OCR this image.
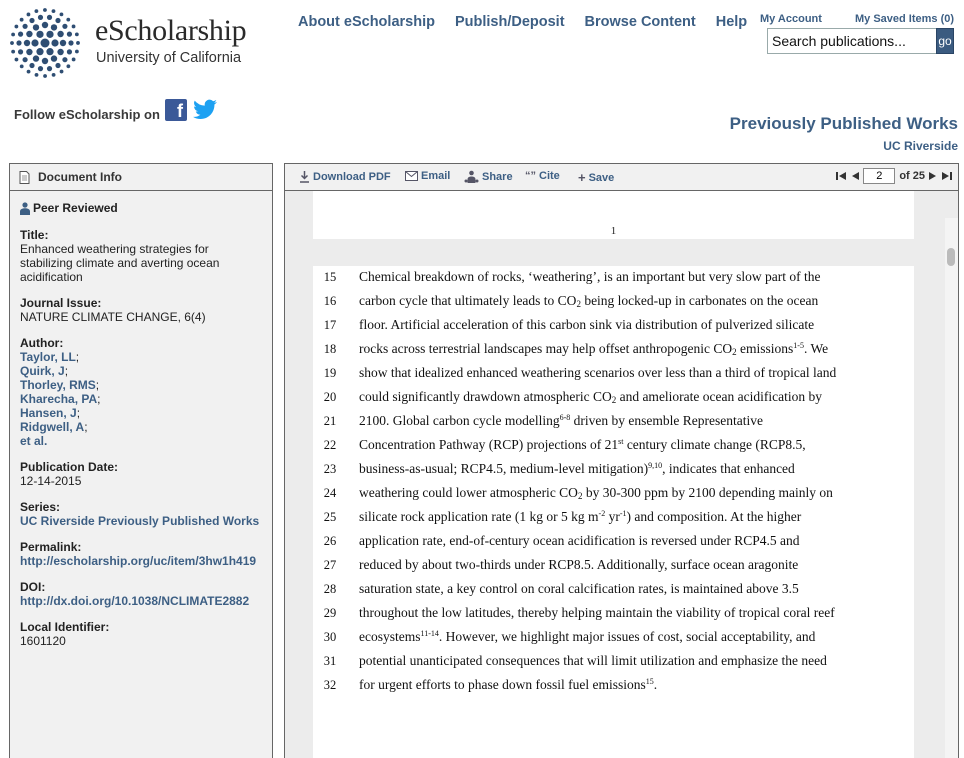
eScholarship
University of California
About eScholarship Publish/Deposit Browse Content Help My Account	My Saved Items (0)
Search publications...
go
Follow eScholarship on f
Previously Published Works
UC Riverside
Document Info
Peer Reviewed
Title:
Enhanced weathering strategies for stabilizing climate and averting ocean acidification
Journal Issue:
NATURE CLIMATE CHANGE, 6(4)
Author:
Taylor, LL;
Quirk, J;
Thorley, RMS;
Kharecha, PA;
Hansen, J;
Ridgwell, A;
et al.
Publication Date:
12-14-2015
Series:
UC Riverside Previously Published Works
Permalink:
http://escholarship.org/uc/item/3hw1h419
DOI:
http://dx.doi.org/10.1038/NCLIMATE2882
Local Identifier:
1601120
Download PDF	Email	Share “” Cite + Save
2	of 25
1
15	Chemical breakdown of rocks, ‘weathering’, is an important but very slow part of the
16	carbon cycle that ultimately leads to $CO_2$ being locked-up in carbonates on the ocean
17	floor. Artificial acceleration of this carbon sink via distribution of pulverized silicate
18	rocks across terrestrial landscapes may help offset anthropogenic $CO_2$ emissions$^{1-5}$. We
19	show that idealized enhanced weathering scenarios over less than a third of tropical land
20	could significantly drawdown atmospheric $CO_2$ and ameliorate ocean acidification by
21	2100. Global carbon cycle modelling$^{6-8}$ driven by ensemble Representative
22	Concentration Pathway (RCP) projections of 21st century climate change (RCP8.5,
23	business-as-usual; RCP4.5, medium-level mitigation)$^{9,10}$, indicates that enhanced
24	weathering could lower atmospheric $CO_2$ by 30-300 ppm by 2100 depending mainly on
25	silicate rock application rate (1 kg or 5 kg $m^{-2}$ $yr^{-1}$) and composition. At the higher
26	application rate, end-of-century ocean acidification is reversed under RCP4.5 and
27	reduced by about two-thirds under RCP8.5. Additionally, surface ocean aragonite
28	saturation state, a key control on coral calcification rates, is maintained above 3.5
29	throughout the low latitudes, thereby helping maintain the viability of tropical coral reef
30	ecosystems$^{11-14}$. However, we highlight major issues of cost, social acceptability, and
31	potential unanticipated consequences that will limit utilization and emphasize the need
32	for urgent efforts to phase down fossil fuel emissions$^{15}$.
